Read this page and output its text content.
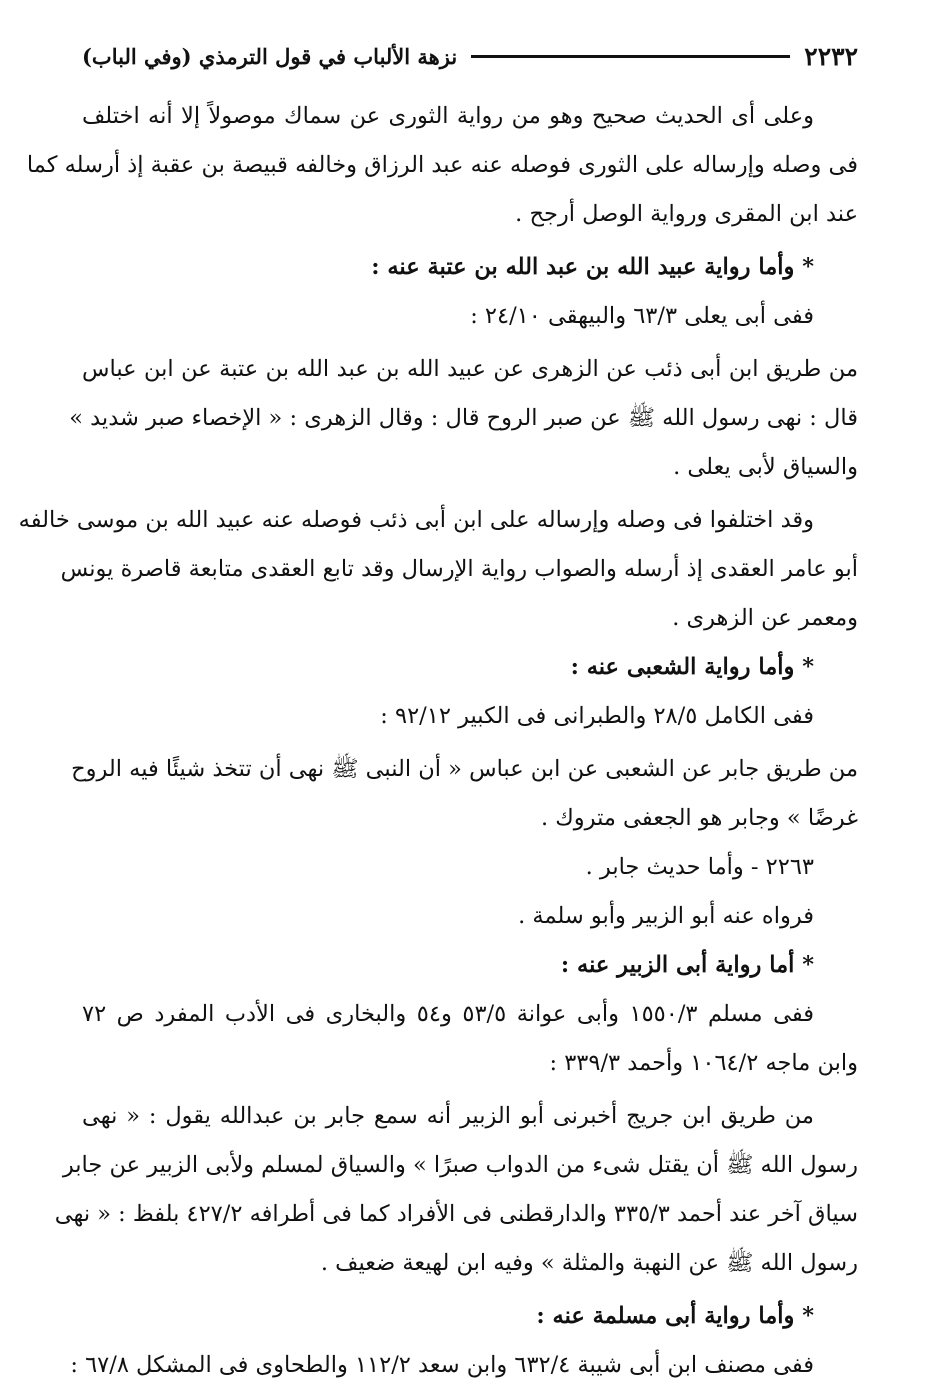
٢٢٣٢
نزهة الألباب في قول الترمذي (وفي الباب)
وعلى أى الحديث صحيح وهو من رواية الثورى عن سماك موصولاً إلا أنه اختلف
فى وصله وإرساله على الثورى فوصله عنه عبد الرزاق وخالفه قبيصة بن عقبة إذ أرسله كما
عند ابن المقرى ورواية الوصل أرجح .
* وأما رواية عبيد الله بن عبد الله بن عتبة عنه :
ففى أبى يعلى ٦٣/٣ والبيهقى ٢٤/١٠ :
من طريق ابن أبى ذئب عن الزهرى عن عبيد الله بن عبد الله بن عتبة عن ابن عباس
قال : نهى رسول الله ﷺ عن صبر الروح قال : وقال الزهرى : « الإخصاء صبر شديد »
والسياق لأبى يعلى .
وقد اختلفوا فى وصله وإرساله على ابن أبى ذئب فوصله عنه عبيد الله بن موسى خالفه
أبو عامر العقدى إذ أرسله والصواب رواية الإرسال وقد تابع العقدى متابعة قاصرة يونس
ومعمر عن الزهرى .
* وأما رواية الشعبى عنه :
ففى الكامل ٢٨/٥ والطبرانى فى الكبير ٩٢/١٢ :
من طريق جابر عن الشعبى عن ابن عباس « أن النبى ﷺ نهى أن تتخذ شيئًا فيه الروح
غرضًا » وجابر هو الجعفى متروك .
٢٢٦٣ - وأما حديث جابر .
فرواه عنه أبو الزبير وأبو سلمة .
* أما رواية أبى الزبير عنه :
ففى مسلم ١٥٥٠/٣ وأبى عوانة ٥٣/٥ و٥٤ والبخارى فى الأدب المفرد ص ٧٢
وابن ماجه ١٠٦٤/٢ وأحمد ٣٣٩/٣ :
من طريق ابن جريج أخبرنى أبو الزبير أنه سمع جابر بن عبدالله يقول : « نهى
رسول الله ﷺ أن يقتل شىء من الدواب صبرًا » والسياق لمسلم ولأبى الزبير عن جابر
سياق آخر عند أحمد ٣٣٥/٣ والدارقطنى فى الأفراد كما فى أطرافه ٤٢٧/٢ بلفظ : « نهى
رسول الله ﷺ عن النهبة والمثلة » وفيه ابن لهيعة ضعيف .
* وأما رواية أبى مسلمة عنه :
ففى مصنف ابن أبى شيبة ٦٣٢/٤ وابن سعد ١١٢/٢ والطحاوى فى المشكل ٦٧/٨ :
